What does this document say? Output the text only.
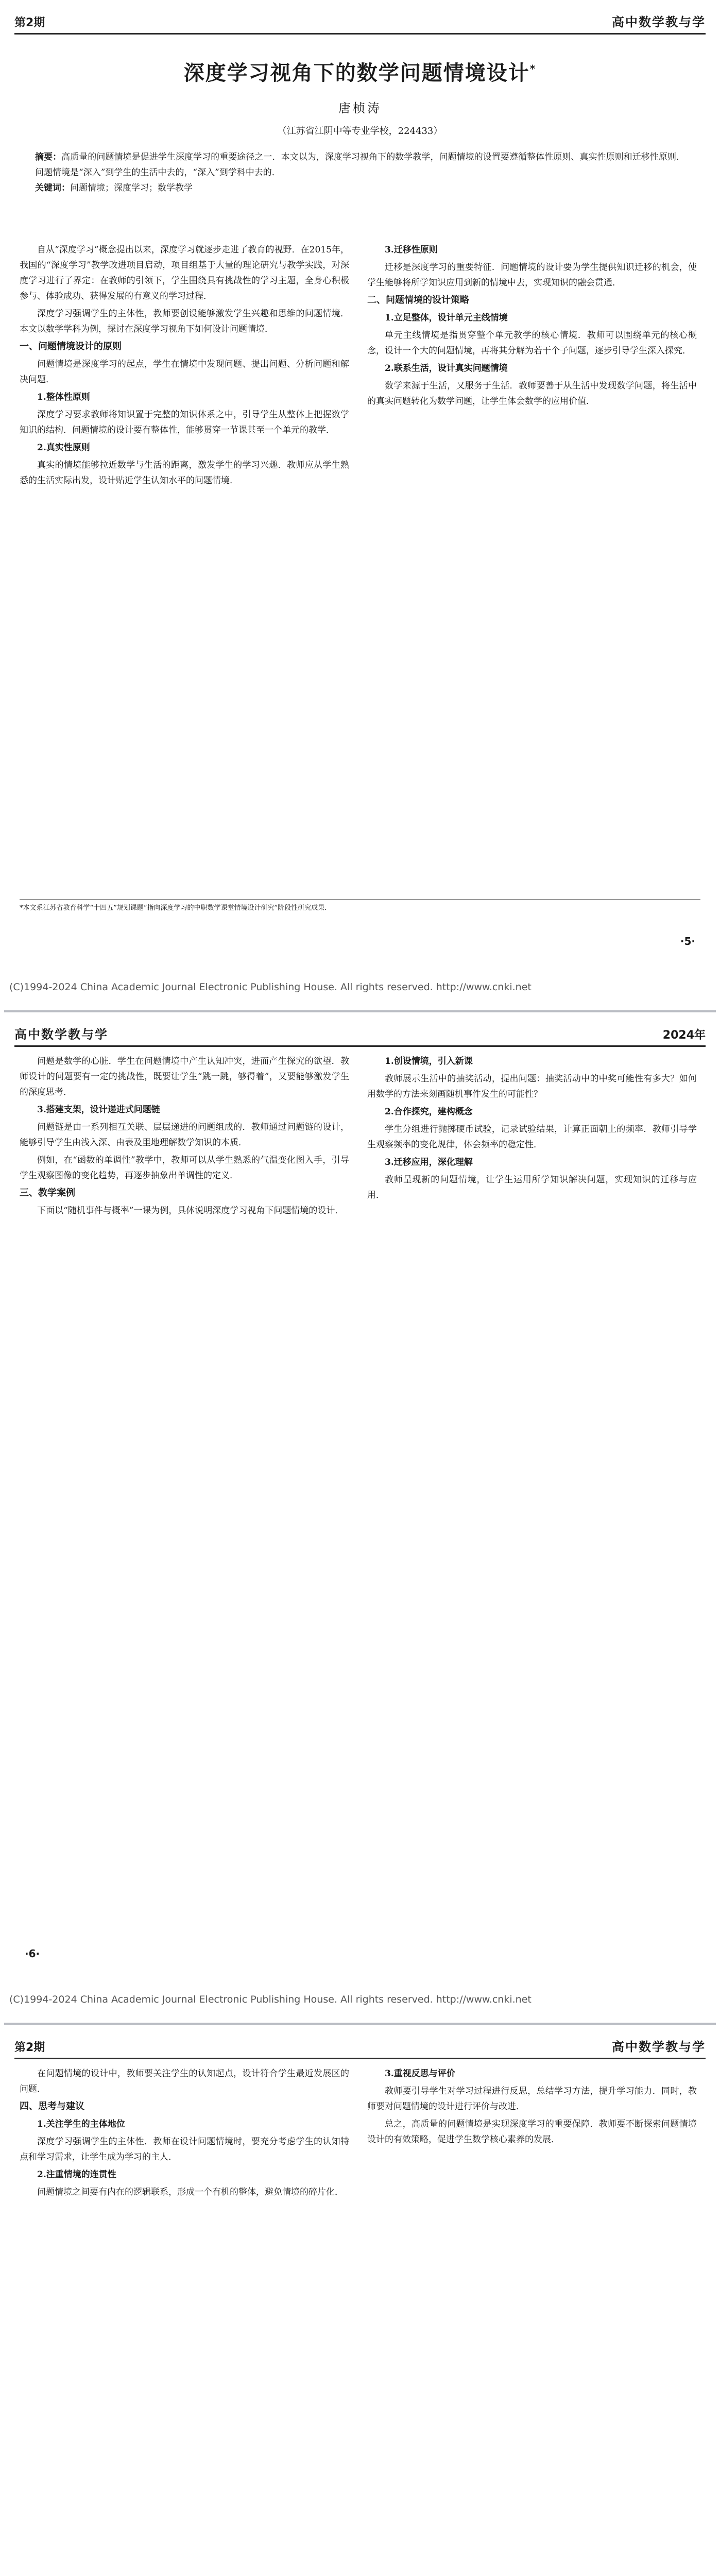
第2期	高中数学教与学
深度学习视角下的数学问题情境设计*
唐桢涛
（江苏省江阴中等专业学校，224433）
摘要：高质量的问题情境是促进学生深度学习的重要途径之一．本文以为，深度学习视角下的数学教学，问题情境的设置要遵循整体性原则、真实性原则和迁移性原则．问题情境是“深入”到学生的生活中去的，“深入”到学科中去的．
关键词：问题情境；深度学习；数学教学

自从“深度学习”概念提出以来，深度学习就逐步走进了教育的视野．在2015年，我国的“深度学习”教学改进项目启动，项目组基于大量的理论研究与教学实践，对深度学习进行了界定：在教师的引领下，学生围绕具有挑战性的学习主题，全身心积极参与、体验成功、获得发展的有意义的学习过程．

深度学习强调学生的主体性，教师要创设能够激发学生兴趣和思维的问题情境．本文以数学学科为例，探讨在深度学习视角下如何设计问题情境．

一、问题情境设计的原则

问题情境是深度学习的起点，学生在情境中发现问题、提出问题、分析问题和解决问题．

1.整体性原则

深度学习要求教师将知识置于完整的知识体系之中，引导学生从整体上把握数学知识的结构．问题情境的设计要有整体性，能够贯穿一节课甚至一个单元的教学．

2.真实性原则

真实的情境能够拉近数学与生活的距离，激发学生的学习兴趣．教师应从学生熟悉的生活实际出发，设计贴近学生认知水平的问题情境．

3.迁移性原则

迁移是深度学习的重要特征．问题情境的设计要为学生提供知识迁移的机会，使学生能够将所学知识应用到新的情境中去，实现知识的融会贯通．

二、问题情境的设计策略

1.立足整体，设计单元主线情境

单元主线情境是指贯穿整个单元教学的核心情境．教师可以围绕单元的核心概念，设计一个大的问题情境，再将其分解为若干个子问题，逐步引导学生深入探究．

2.联系生活，设计真实问题情境

数学来源于生活，又服务于生活．教师要善于从生活中发现数学问题，将生活中的真实问题转化为数学问题，让学生体会数学的应用价值．

*本文系江苏省教育科学“十四五”规划课题“指向深度学习的中职数学课堂情境设计研究”阶段性研究成果．
·5·
(C)1994-2024 China Academic Journal Electronic Publishing House. All rights reserved. http://www.cnki.net
高中数学教与学	2024年

问题是数学的心脏．学生在问题情境中产生认知冲突，进而产生探究的欲望．教师设计的问题要有一定的挑战性，既要让学生“跳一跳，够得着”，又要能够激发学生的深度思考．

3.搭建支架，设计递进式问题链

问题链是由一系列相互关联、层层递进的问题组成的．教师通过问题链的设计，能够引导学生由浅入深、由表及里地理解数学知识的本质．

例如，在“函数的单调性”教学中，教师可以从学生熟悉的气温变化图入手，引导学生观察图像的变化趋势，再逐步抽象出单调性的定义．

三、教学案例

下面以“随机事件与概率”一课为例，具体说明深度学习视角下问题情境的设计．

1.创设情境，引入新课

教师展示生活中的抽奖活动，提出问题：抽奖活动中的中奖可能性有多大？如何用数学的方法来刻画随机事件发生的可能性？

2.合作探究，建构概念

学生分组进行抛掷硬币试验，记录试验结果，计算正面朝上的频率．教师引导学生观察频率的变化规律，体会频率的稳定性．

3.迁移应用，深化理解

教师呈现新的问题情境，让学生运用所学知识解决问题，实现知识的迁移与应用．

·6·
(C)1994-2024 China Academic Journal Electronic Publishing House. All rights reserved. http://www.cnki.net
第2期	高中数学教与学

在问题情境的设计中，教师要关注学生的认知起点，设计符合学生最近发展区的问题．

四、思考与建议

1.关注学生的主体地位

深度学习强调学生的主体性．教师在设计问题情境时，要充分考虑学生的认知特点和学习需求，让学生成为学习的主人．

2.注重情境的连贯性

问题情境之间要有内在的逻辑联系，形成一个有机的整体，避免情境的碎片化．

3.重视反思与评价

教师要引导学生对学习过程进行反思，总结学习方法，提升学习能力．同时，教师要对问题情境的设计进行评价与改进．

总之，高质量的问题情境是实现深度学习的重要保障．教师要不断探索问题情境设计的有效策略，促进学生数学核心素养的发展．
